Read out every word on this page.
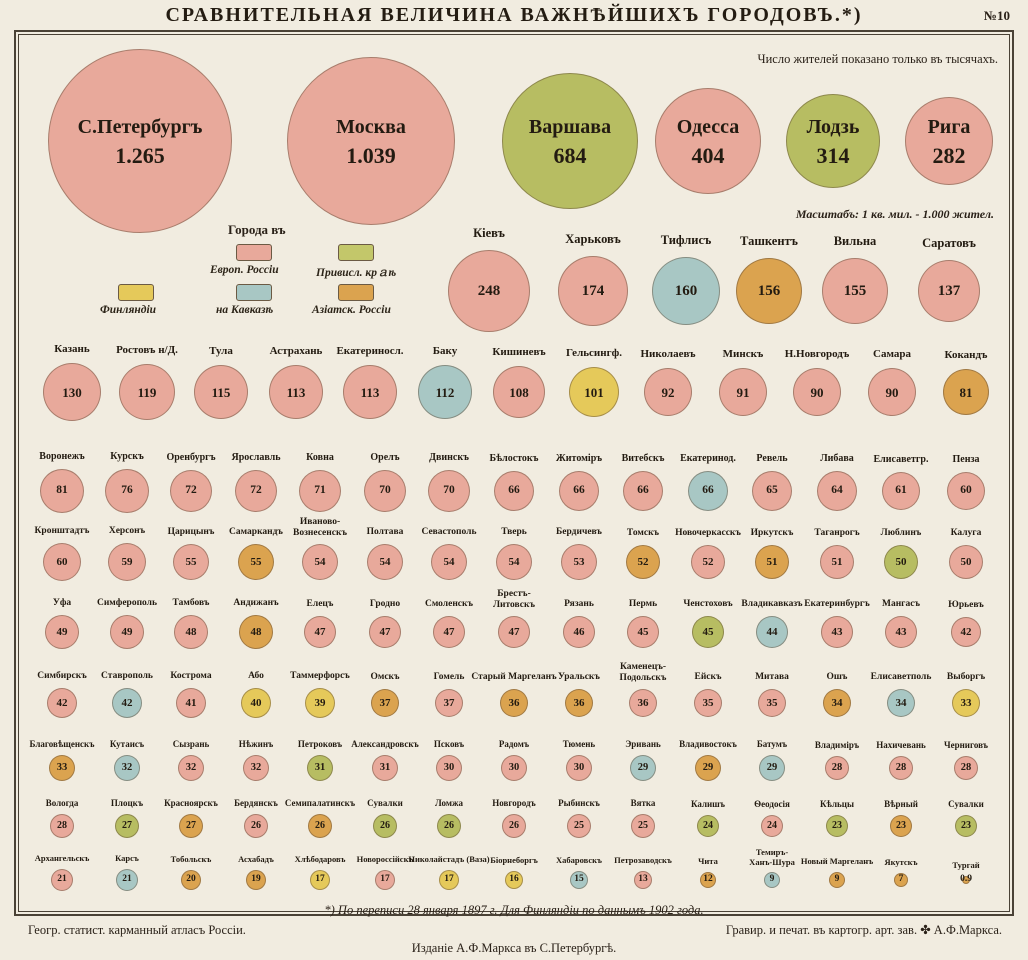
СРАВНИТЕЛЬНАЯ ВЕЛИЧИНА ВАЖНѢЙШИХЪ ГОРОДОВЪ.*)	№10
Число жителей показано только въ тысячахъ.
Масштабъ: 1 кв. мил. - 1.000 жител.
Города въ
Европ. Россiи	Привисл. крａѣ
Финляндiи	на Кавказѣ	Азiатск. Россiи
С.Петербургъ
1.265
Москва
1.039
Варшава
684
Одесса
404
Лодзь
314
Рига
282
Кiевъ
248
Харьковъ
174
Тифлисъ
160
Ташкентъ
156
Вильна
155
Саратовъ
137
Казань
130
Ростовъ н/Д.
119
Тула
115
Астрахань
113
Екатериносл.
113
Баку
112
Кишиневъ
108
Гельсингф.
101
Николаевъ
92
Минскъ
91
Н.Новгородъ
90
Самара
90
Кокандъ
81
Воронежъ
81
Курскъ
76
Оренбургъ
72
Ярославль
72
Ковна
71
Орелъ
70
Двинскъ
70
Бѣлостокъ
66
Житомiръ
66
Витебскъ
66
Екатеринод.
66
Ревель
65
Либава
64
Елисаветгр.
61
Пенза
60
Кронштадтъ
60
Херсонъ
59
Царицынъ
55
Самаркандъ
55
Иваново-
Вознесенскъ
54
Полтава
54
Севастополь
54
Тверь
54
Бердичевъ
53
Томскъ
52
Новочеркасскъ
52
Иркутскъ
51
Таганрогъ
51
Люблинъ
50
Калуга
50
Уфа
49
Симферополь
49
Тамбовъ
48
Андижанъ
48
Елецъ
47
Гродно
47
Смоленскъ
47
Брестъ-
Литовскъ
47
Рязань
46
Пермь
45
Ченстоховъ
45
Владикавказъ
44
Екатеринбургъ
43
Мангасъ
43
Юрьевъ
42
Симбирскъ
42
Ставрополь
42
Кострома
41
Або
40
Таммерфорсъ
39
Омскъ
37
Гомель
37
Старый Маргеланъ
36
Уральскъ
36
Каменецъ-
Подольскъ
36
Ейскъ
35
Митава
35
Ошъ
34
Елисаветполь
34
Выборгъ
33
Благовѣщенскъ
33
Кутаисъ
32
Сызрань
32
Нѣжинъ
32
Петроковъ
31
Александровскъ
31
Псковъ
30
Радомъ
30
Тюмень
30
Эривань
29
Владивостокъ
29
Батумъ
29
Владимiръ
28
Нахичевань
28
Черниговъ
28
Вологда
28
Плоцкъ
27
Красноярскъ
27
Бердянскъ
26
Семипалатинскъ
26
Сувалки
26
Ломжа
26
Новгородъ
26
Рыбинскъ
25
Вятка
25
Калишъ
24
Ѳеодосiя
24
Кѣльцы
23
Вѣрный
23
Сувалки
23
Архангельскъ
21
Карсъ
21
Тобольскъ
20
Асхабадъ
19
Хлѣбодаровъ
17
Новороссiйскъ
17
Николайстадъ (Ваза)
17
Бiорнеборгъ
16
Хабаровскъ
15
Петрозаводскъ
13
Чита
12
Темиръ-
Ханъ-Шура
9
Новый Маргеланъ
9
Якутскъ
7
Тургай
0.9
*) По переписи 28 января 1897 г. Для Финляндiи по даннымъ 1902 года.
Геогр. статист. карманный атласъ Россiи.
Изданiе А.Ф.Маркса въ С.Петербургѣ.
Гравир. и печат. въ картогр. арт. зав. ✤ А.Ф.Маркса.
